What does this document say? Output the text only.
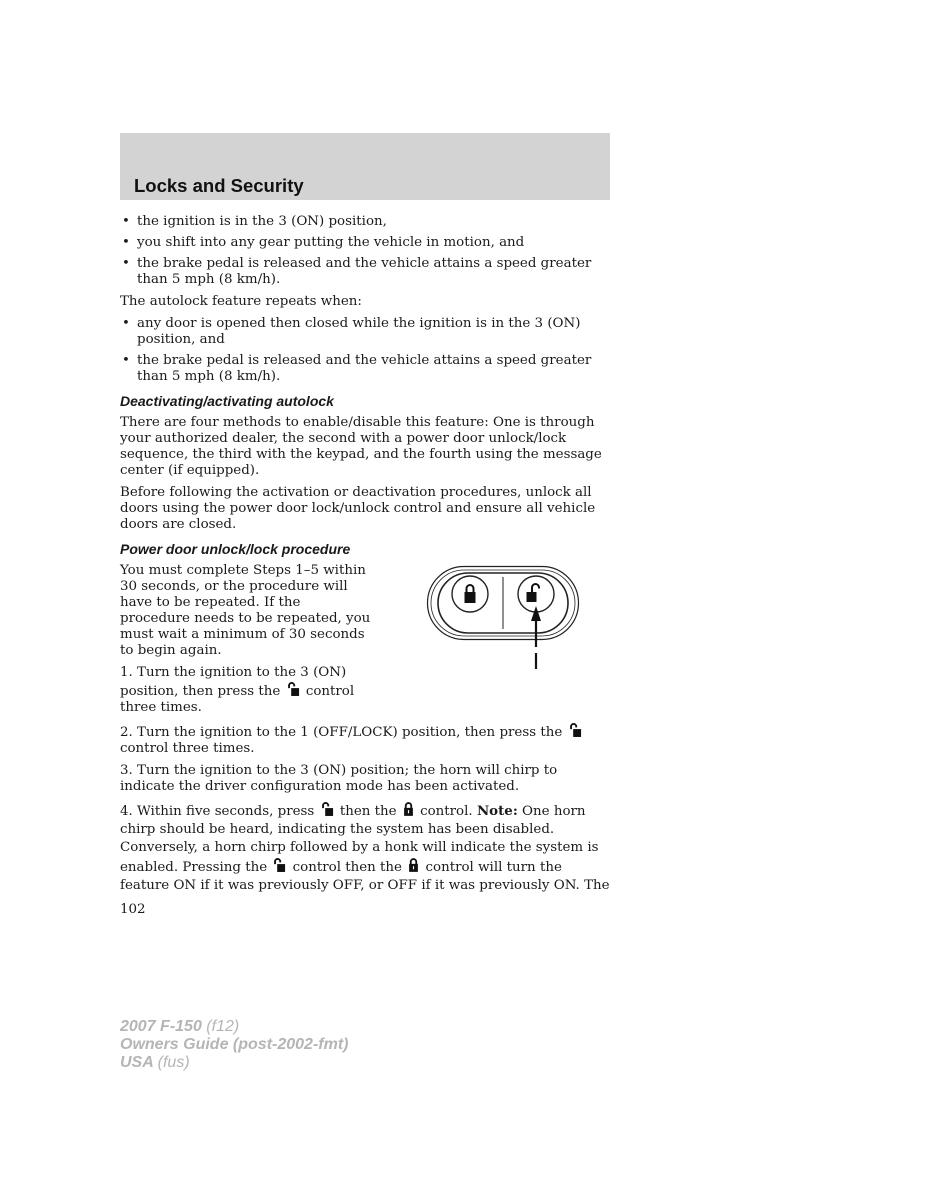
Locks and Security
• the ignition is in the 3 (ON) position,
• you shift into any gear putting the vehicle in motion, and
• the brake pedal is released and the vehicle attains a speed greater than 5 mph (8 km/h).

The autolock feature repeats when:

• any door is opened then closed while the ignition is in the 3 (ON) position, and
• the brake pedal is released and the vehicle attains a speed greater than 5 mph (8 km/h).
Deactivating/activating autolock

There are four methods to enable/disable this feature: One is through your authorized dealer, the second with a power door unlock/lock sequence, the third with the keypad, and the fourth using the message center (if equipped).

Before following the activation or deactivation procedures, unlock all doors using the power door lock/unlock control and ensure all vehicle doors are closed.

Power door unlock/lock procedure

You must complete Steps 1–5 within 30 seconds, or the procedure will have to be repeated. If the procedure needs to be repeated, you must wait a minimum of 30 seconds to begin again.

1. Turn the ignition to the 3 (ON) position, then press the control three times.

2. Turn the ignition to the 1 (OFF/LOCK) position, then press the  control three times.

3. Turn the ignition to the 3 (ON) position; the horn will chirp to indicate the driver configuration mode has been activated.

4. Within five seconds, press then the control. Note: One horn chirp should be heard, indicating the system has been disabled. Conversely, a horn chirp followed by a honk will indicate the system is enabled. Pressing the control then the control will turn the feature ON if it was previously OFF, or OFF if it was previously ON. The

102
2007 F-150 (f12)
Owners Guide (post-2002-fmt)
USA (fus)
